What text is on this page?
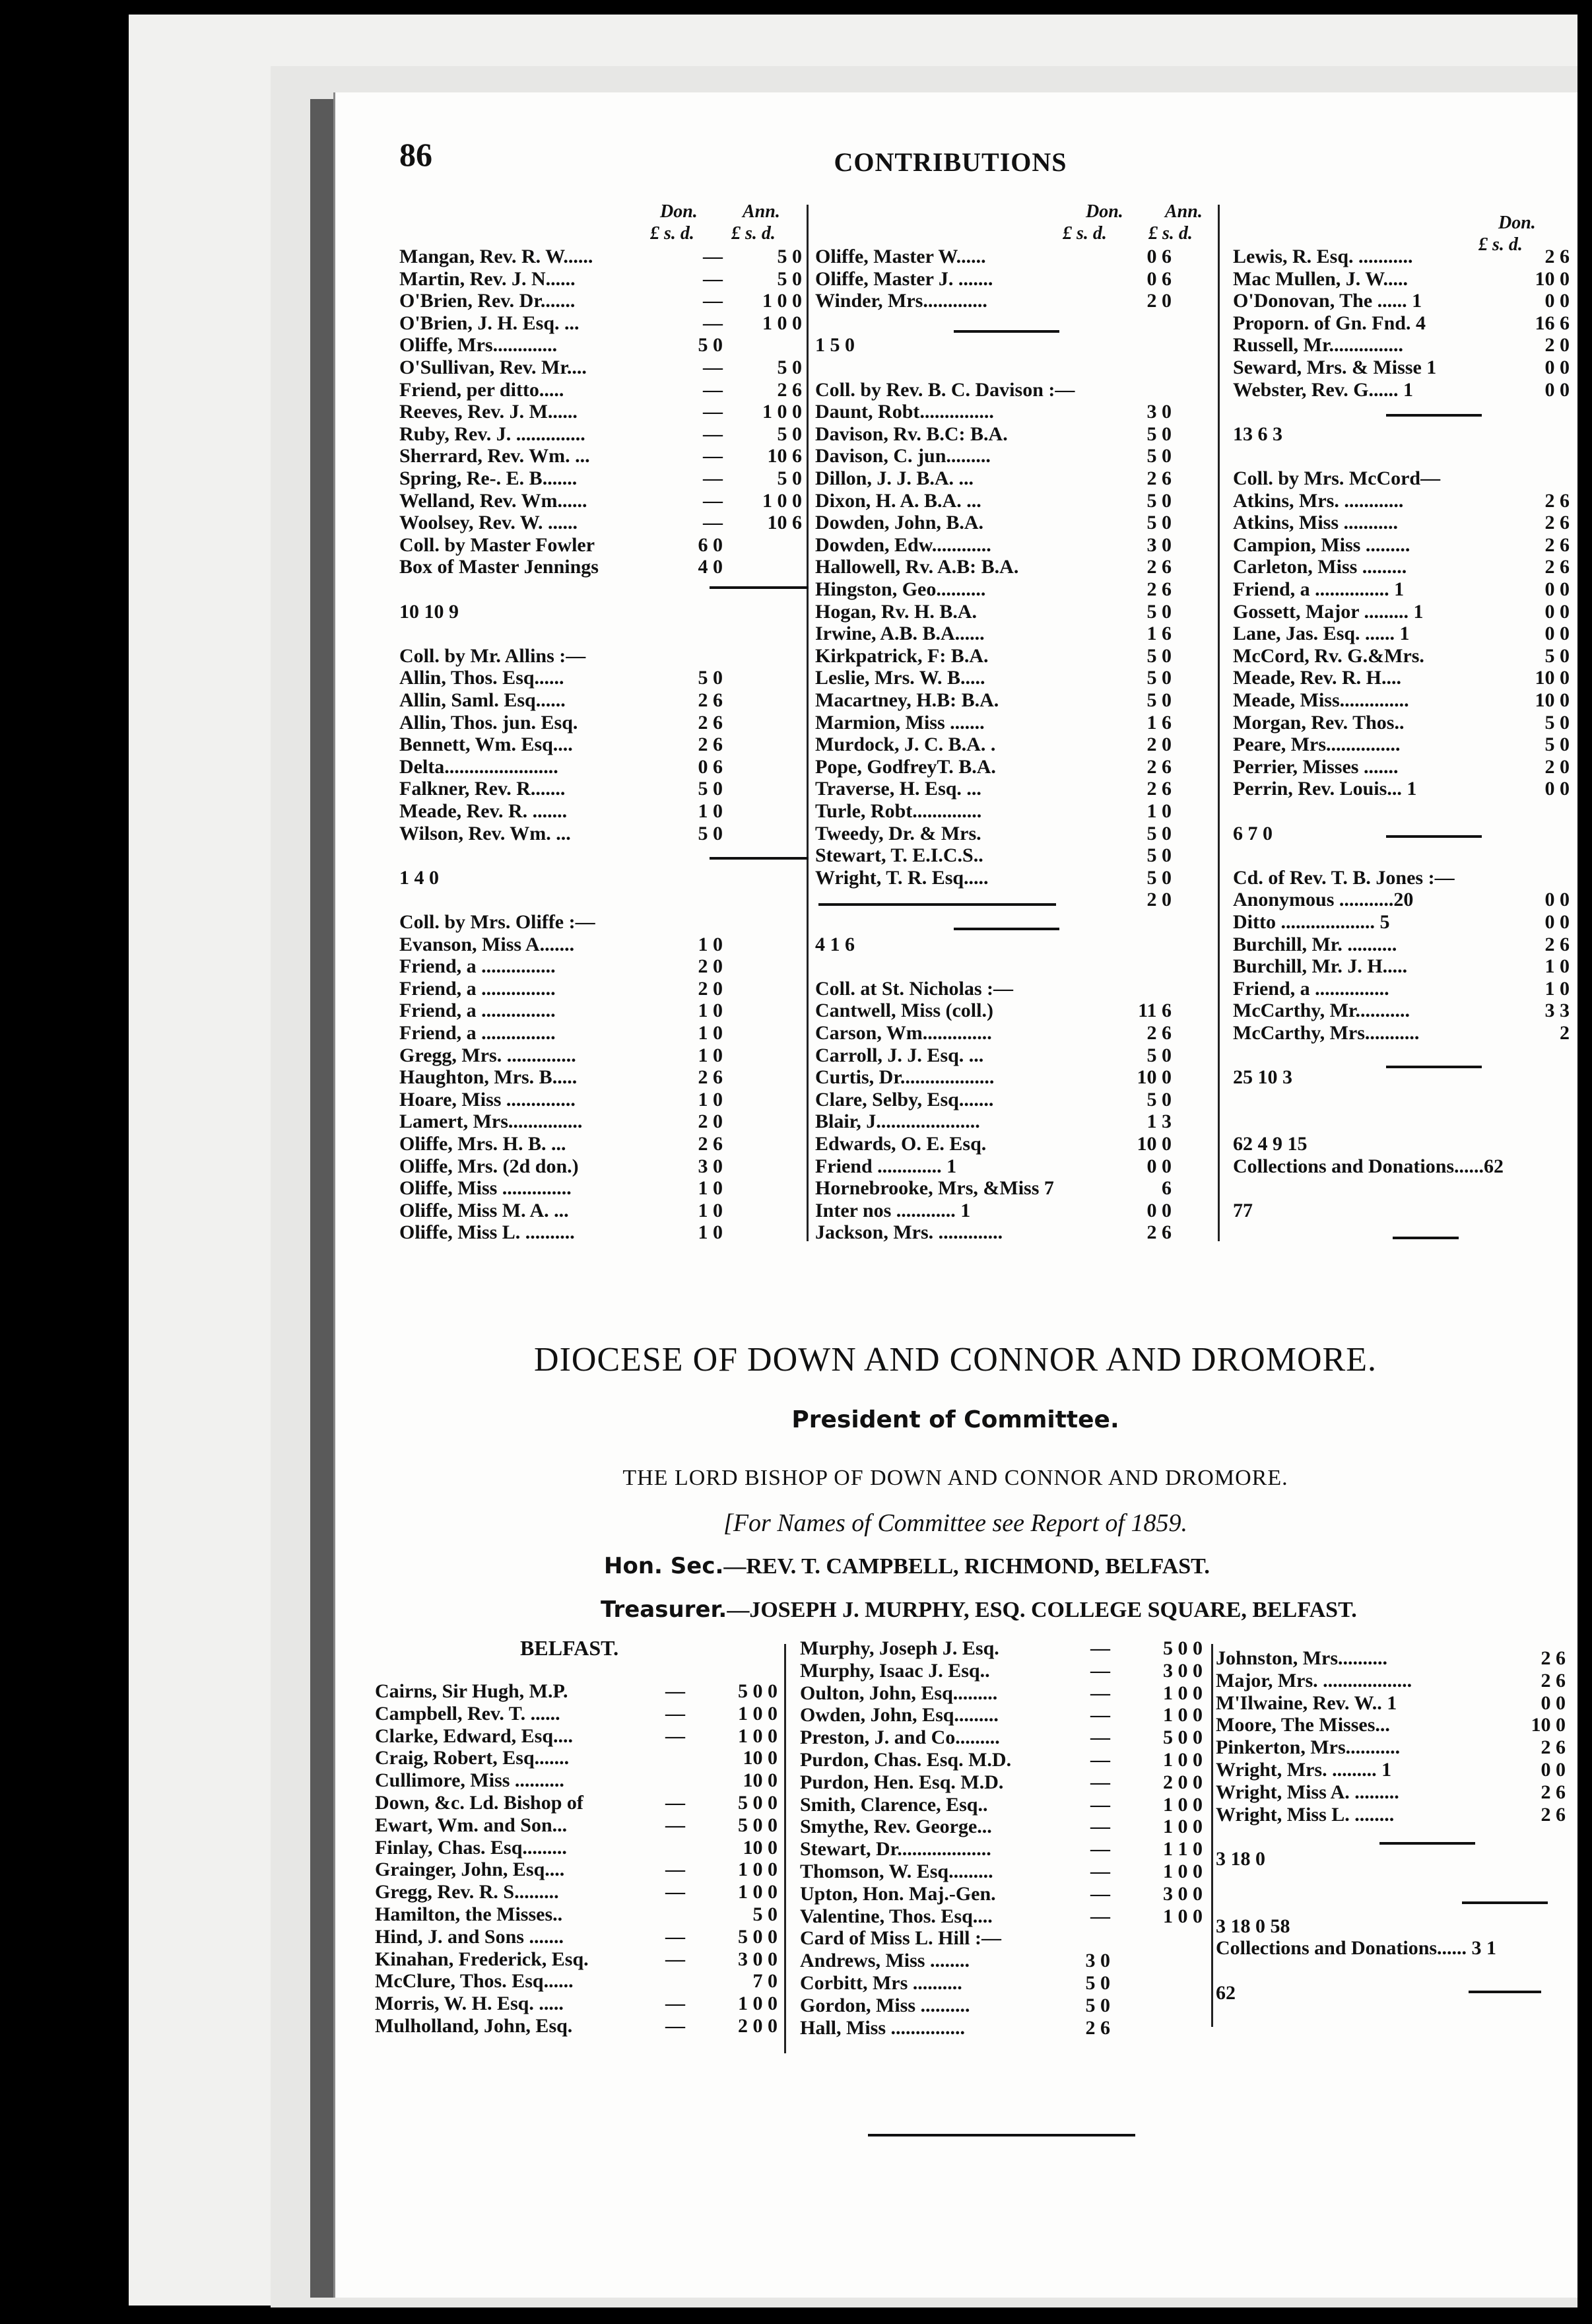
86	CONTRIBUTIONS
Don. Ann.
£ s. d. £ s. d.
Don. Ann.
£ s. d. £ s. d.
Don.
£ s. d.
Mangan, Rev. R. W......	—	5 0
Martin, Rev. J. N......	—	5 0
O'Brien, Rev. Dr.......	—	1 0 0
O'Brien, J. H. Esq. ...	—	1 0 0
Oliffe, Mrs.............	5 0
O'Sullivan, Rev. Mr....	—	5 0
Friend, per ditto.....	—	2 6
Reeves, Rev. J. M......	—	1 0 0
Ruby, Rev. J. ..............	—	5 0
Sherrard, Rev. Wm. ...	—	10 6
Spring, Re-. E. B.......	—	5 0
Welland, Rev. Wm......	—	1 0 0
Woolsey, Rev. W. ......	—	10 6
Coll. by Master Fowler	6 0
Box of Master Jennings	4 0
10 10 9
Coll. by Mr. Allins :—
Allin, Thos. Esq......	5 0
Allin, Saml. Esq......	2 6
Allin, Thos. jun. Esq.	2 6
Bennett, Wm. Esq....	2 6
Delta.......................	0 6
Falkner, Rev. R.......	5 0
Meade, Rev. R. .......	1 0
Wilson, Rev. Wm. ...	5 0
1 4 0
Coll. by Mrs. Oliffe :—
Evanson, Miss A.......	1 0
Friend, a ...............	2 0
Friend, a ...............	2 0
Friend, a ...............	1 0
Friend, a ...............	1 0
Gregg, Mrs. ..............	1 0
Haughton, Mrs. B.....	2 6
Hoare, Miss ..............	1 0
Lamert, Mrs...............	2 0
Oliffe, Mrs. H. B. ...	2 6
Oliffe, Mrs. (2d don.)	3 0
Oliffe, Miss ..............	1 0
Oliffe, Miss M. A. ...	1 0
Oliffe, Miss L. ..........	1 0
Oliffe, Master W......	0 6
Oliffe, Master J. .......	0 6
Winder, Mrs.............	2 0
1 5 0
Coll. by Rev. B. C. Davison :—
Daunt, Robt...............	3 0
Davison, Rv. B.C: B.A.	5 0
Davison, C. jun.........	5 0
Dillon, J. J. B.A. ...	2 6
Dixon, H. A. B.A. ...	5 0
Dowden, John, B.A.	5 0
Dowden, Edw............	3 0
Hallowell, Rv. A.B: B.A.	2 6
Hingston, Geo..........	2 6
Hogan, Rv. H. B.A.	5 0
Irwine, A.B. B.A......	1 6
Kirkpatrick, F: B.A.	5 0
Leslie, Mrs. W. B.....	5 0
Macartney, H.B: B.A.	5 0
Marmion, Miss .......	1 6
Murdock, J. C. B.A. .	2 0
Pope, GodfreyT. B.A.	2 6
Traverse, H. Esq. ...	2 6
Turle, Robt..............	1 0
Tweedy, Dr. & Mrs.	5 0
Stewart, T. E.I.C.S..	5 0
Wright, T. R. Esq.....	5 0
2 0
4 1 6
Coll. at St. Nicholas :—
Cantwell, Miss (coll.)	11 6
Carson, Wm..............	2 6
Carroll, J. J. Esq. ...	5 0
Curtis, Dr...................	10 0
Clare, Selby, Esq.......	5 0
Blair, J.....................	1 3
Edwards, O. E. Esq.	10 0
Friend ............. 1	0 0
Hornebrooke, Mrs, &Miss 7	6
Inter nos ............ 1	0 0
Jackson, Mrs. .............	2 6
Lewis, R. Esq. ...........	2 6
Mac Mullen, J. W.....	10 0
O'Donovan, The ...... 1	0 0
Proporn. of Gn. Fnd. 4	16 6
Russell, Mr...............	2 0
Seward, Mrs. & Misse 1	0 0
Webster, Rev. G...... 1	0 0
13 6 3
Coll. by Mrs. McCord—
Atkins, Mrs. ............	2 6
Atkins, Miss ...........	2 6
Campion, Miss .........	2 6
Carleton, Miss .........	2 6
Friend, a ............... 1	0 0
Gossett, Major ......... 1	0 0
Lane, Jas. Esq. ...... 1	0 0
McCord, Rv. G.&Mrs.	5 0
Meade, Rev. R. H....	10 0
Meade, Miss..............	10 0
Morgan, Rev. Thos..	5 0
Peare, Mrs...............	5 0
Perrier, Misses .......	2 0
Perrin, Rev. Louis... 1	0 0
6 7 0
Cd. of Rev. T. B. Jones :—
Anonymous ...........20	0 0
Ditto ................... 5	0 0
Burchill, Mr. ..........	2 6
Burchill, Mr. J. H.....	1 0
Friend, a ...............	1 0
McCarthy, Mr...........	3 3
McCarthy, Mrs...........	2
25 10 3
62 4 9 15
Collections and Donations......62
77
DIOCESE OF DOWN AND CONNOR AND DROMORE.
President of Committee.
THE LORD BISHOP OF DOWN AND CONNOR AND DROMORE.
[For Names of Committee see Report of 1859.
Hon. Sec.—REV. T. CAMPBELL, RICHMOND, BELFAST.
Treasurer.—JOSEPH J. MURPHY, ESQ. COLLEGE SQUARE, BELFAST.
BELFAST.
Cairns, Sir Hugh, M.P.	—	5 0 0
Campbell, Rev. T. ......	—	1 0 0
Clarke, Edward, Esq....	—	1 0 0
Craig, Robert, Esq.......	10 0
Cullimore, Miss ..........	10 0
Down, &c. Ld. Bishop of	—	5 0 0
Ewart, Wm. and Son...	—	5 0 0
Finlay, Chas. Esq.........	10 0
Grainger, John, Esq....	—	1 0 0
Gregg, Rev. R. S.........	—	1 0 0
Hamilton, the Misses..	5 0
Hind, J. and Sons .......	—	5 0 0
Kinahan, Frederick, Esq.	—	3 0 0
McClure, Thos. Esq......	7 0
Morris, W. H. Esq. .....	—	1 0 0
Mulholland, John, Esq.	—	2 0 0
Murphy, Joseph J. Esq.	—	5 0 0
Murphy, Isaac J. Esq..	—	3 0 0
Oulton, John, Esq.........	—	1 0 0
Owden, John, Esq.........	—	1 0 0
Preston, J. and Co.........	—	5 0 0
Purdon, Chas. Esq. M.D.	—	1 0 0
Purdon, Hen. Esq. M.D.	—	2 0 0
Smith, Clarence, Esq..	—	1 0 0
Smythe, Rev. George...	—	1 0 0
Stewart, Dr...................	—	1 1 0
Thomson, W. Esq.........	—	1 0 0
Upton, Hon. Maj.-Gen.	—	3 0 0
Valentine, Thos. Esq....	—	1 0 0
Card of Miss L. Hill :—
Andrews, Miss ........	3 0
Corbitt, Mrs ..........	5 0
Gordon, Miss ..........	5 0
Hall, Miss ...............	2 6
Johnston, Mrs..........	2 6
Major, Mrs. ..................	2 6
M'Ilwaine, Rev. W.. 1	0 0
Moore, The Misses...	10 0
Pinkerton, Mrs...........	2 6
Wright, Mrs. ......... 1	0 0
Wright, Miss A. .........	2 6
Wright, Miss L. ........	2 6
3 18 0
3 18 0 58
Collections and Donations...... 3 1
62
